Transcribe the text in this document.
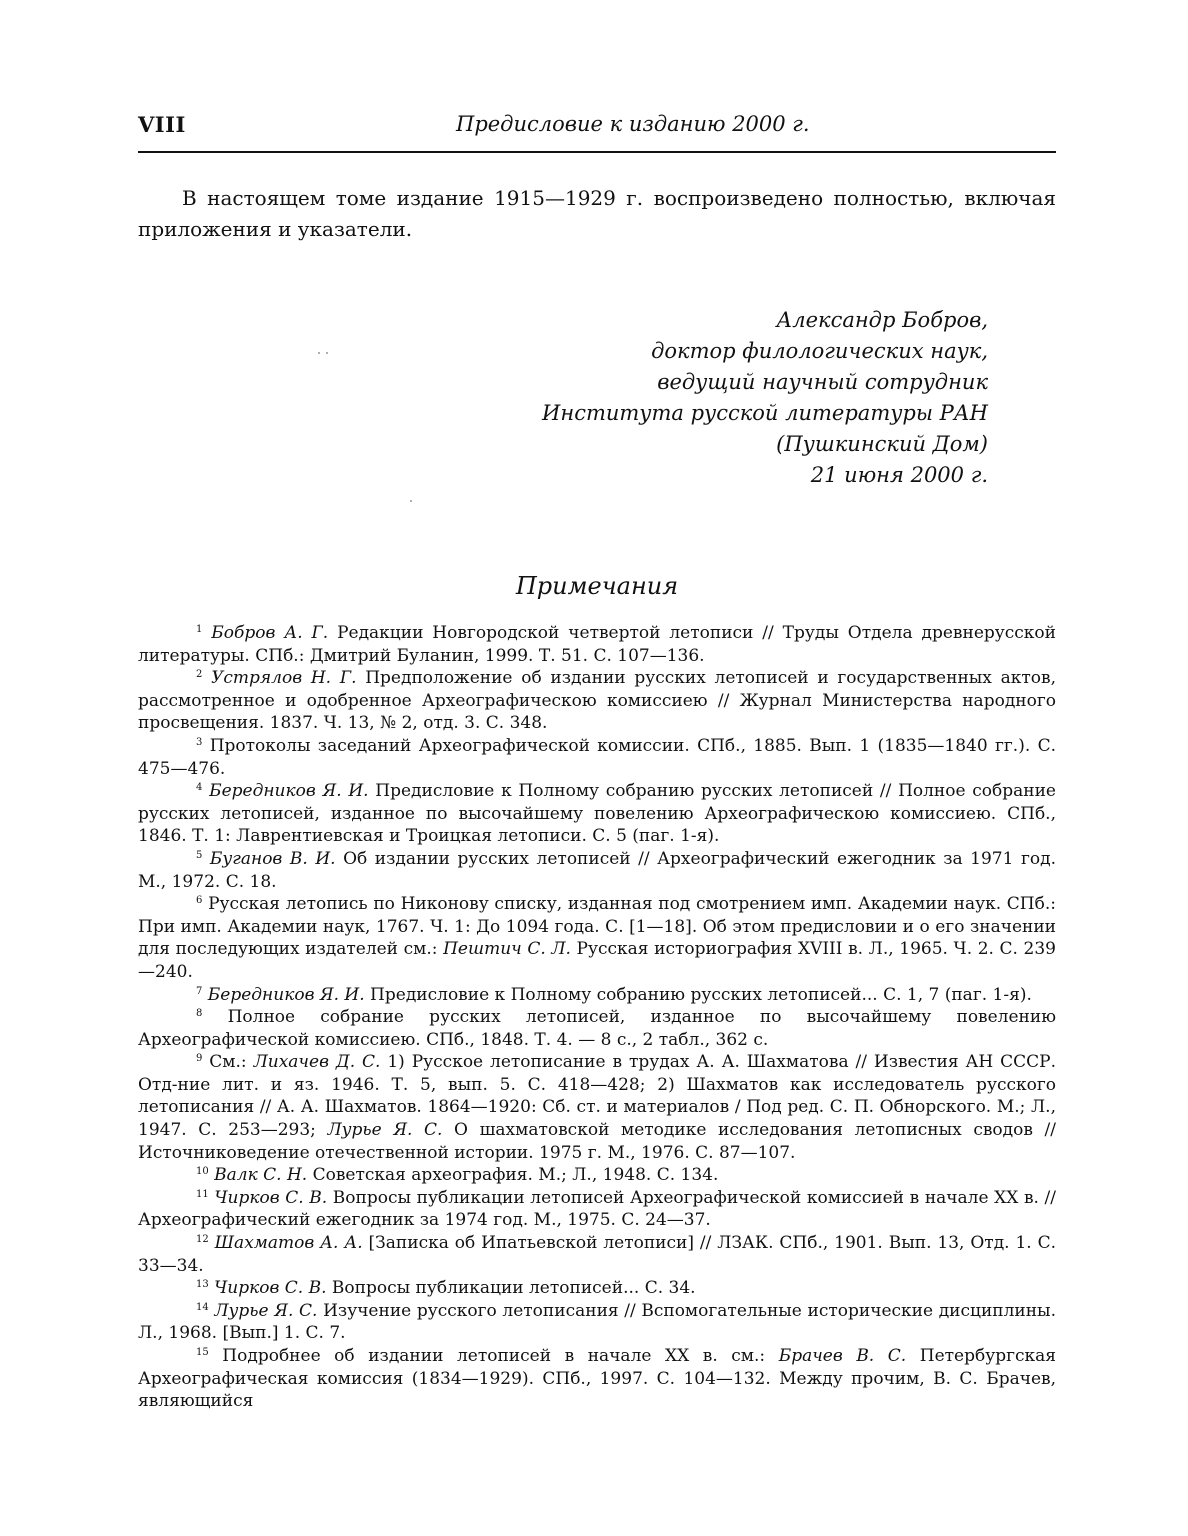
VIII	Предисловие к изданию 2000 г.

В настоящем томе издание 1915—1929 г. воспроизведено полностью, включая приложения и указатели.

Александр Бобров,
доктор филологических наук,
ведущий научный сотрудник
Института русской литературы РАН
(Пушкинский Дом)
21 июня 2000 г.
Примечания

$^1$ Бобров А. Г. Редакции Новгородской четвертой летописи // Труды Отдела древнерусской литературы. СПб.: Дмитрий Буланин, 1999. Т. 51. С. 107—136.

$^2$ Устрялов Н. Г. Предположение об издании русских летописей и государственных актов, рассмотренное и одобренное Археографическою комиссиею // Журнал Министерства народного просвещения. 1837. Ч. 13, № 2, отд. 3. С. 348.

$^3$ Протоколы заседаний Археографической комиссии. СПб., 1885. Вып. 1 (1835—1840 гг.). С. 475—476.

$^4$ Бередников Я. И. Предисловие к Полному собранию русских летописей // Полное собрание русских летописей, изданное по высочайшему повелению Археографическою комиссиею. СПб., 1846. Т. 1: Лаврентиевская и Троицкая летописи. С. 5 (паг. 1-я).

$^5$ Буганов В. И. Об издании русских летописей // Археографический ежегодник за 1971 год. М., 1972. С. 18.

$^6$ Русская летопись по Никонову списку, изданная под смотрением имп. Академии наук. СПб.: При имп. Академии наук, 1767. Ч. 1: До 1094 года. С. [1—18]. Об этом предисловии и о его значении для последующих издателей см.: Пештич С. Л. Русская историография XVIII в. Л., 1965. Ч. 2. С. 239—240.

$^7$ Бередников Я. И. Предисловие к Полному собранию русских летописей... С. 1, 7 (паг. 1-я).

$^8$ Полное собрание русских летописей, изданное по высочайшему повелению Археографической комиссиею. СПб., 1848. Т. 4. — 8 с., 2 табл., 362 с.

$^9$ См.: Лихачев Д. С. 1) Русское летописание в трудах А. А. Шахматова // Известия АН СССР. Отд-ние лит. и яз. 1946. Т. 5, вып. 5. С. 418—428; 2) Шахматов как исследователь русского летописания // А. А. Шахматов. 1864—1920: Сб. ст. и материалов / Под ред. С. П. Обнорского. М.; Л., 1947. С. 253—293; Лурье Я. С. О шахматовской методике исследования летописных сводов // Источниковедение отечественной истории. 1975 г. М., 1976. С. 87—107.

$^{10}$ Валк С. Н. Советская археография. М.; Л., 1948. С. 134.

$^{11}$ Чирков С. В. Вопросы публикации летописей Археографической комиссией в начале XX в. // Археографический ежегодник за 1974 год. М., 1975. С. 24—37.

$^{12}$ Шахматов А. А. [Записка об Ипатьевской летописи] // ЛЗАК. СПб., 1901. Вып. 13, Отд. 1. С. 33—34.

$^{13}$ Чирков С. В. Вопросы публикации летописей... С. 34.

$^{14}$ Лурье Я. С. Изучение русского летописания // Вспомогательные исторические дисциплины. Л., 1968. [Вып.] 1. С. 7.

$^{15}$ Подробнее об издании летописей в начале XX в. см.: Брачев В. С. Петербургская Археографическая комиссия (1834—1929). СПб., 1997. С. 104—132. Между прочим, В. С. Брачев, являющийся
